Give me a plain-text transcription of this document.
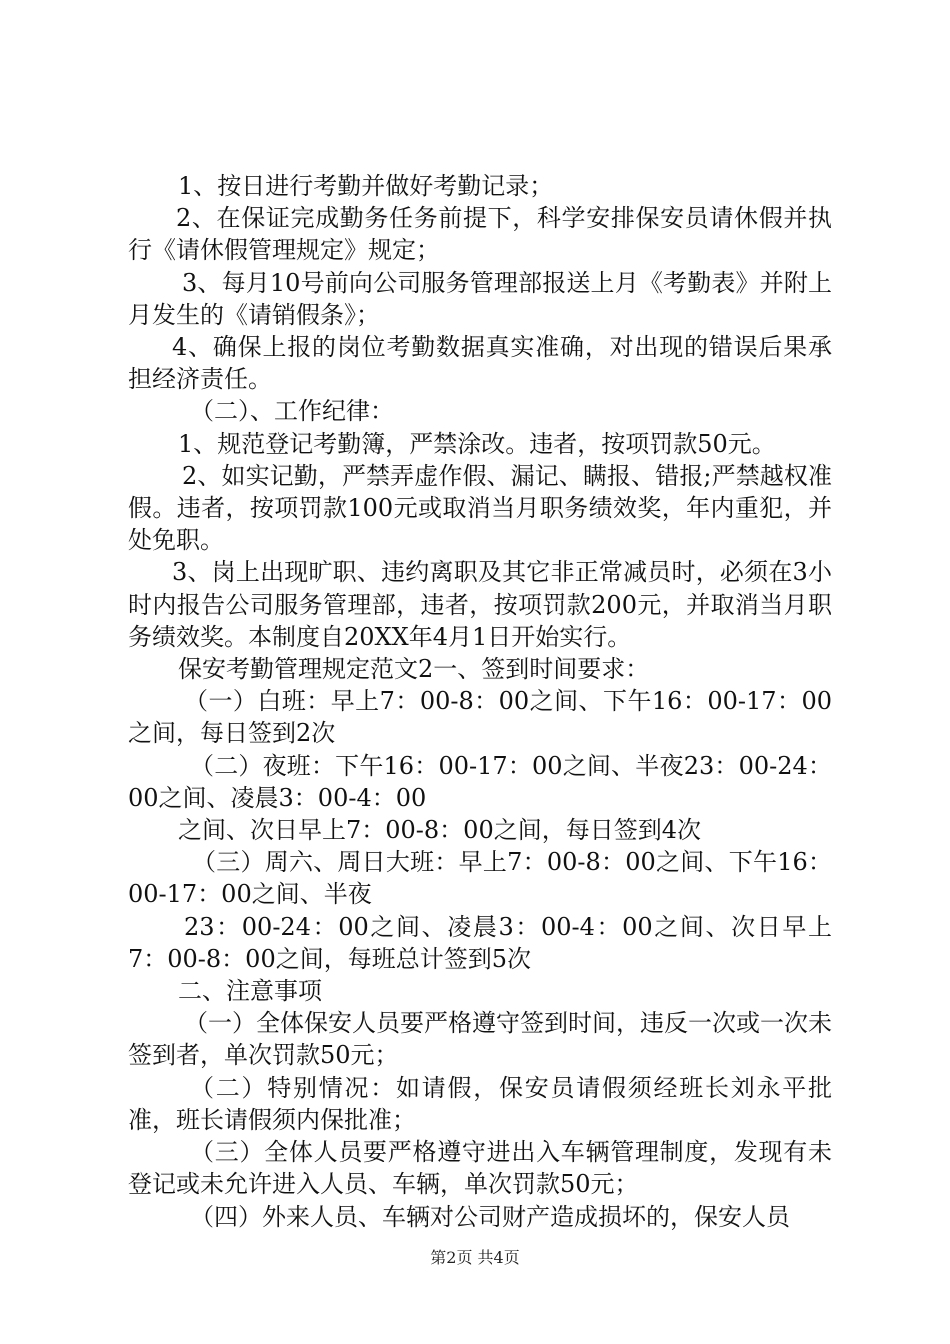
1、按日进行考勤并做好考勤记录；

2、在保证完成勤务任务前提下，科学安排保安员请休假并执行《请休假管理规定》规定；

3、每月10号前向公司服务管理部报送上月《考勤表》并附上月发生的《请销假条》；

4、确保上报的岗位考勤数据真实准确，对出现的错误后果承担经济责任。

（二）、工作纪律：

1、规范登记考勤簿，严禁涂改。违者，按项罚款50元。

2、如实记勤，严禁弄虚作假、漏记、瞒报、错报;严禁越权准假。违者，按项罚款100元或取消当月职务绩效奖，年内重犯，并处免职。

3、岗上出现旷职、违约离职及其它非正常减员时，必须在3小时内报告公司服务管理部，违者，按项罚款200元，并取消当月职务绩效奖。本制度自20XX年4月1日开始实行。

保安考勤管理规定范文2一、签到时间要求：

（一）白班：早上7：00-8：00之间、下午16：00-17：00之间，每日签到2次

（二）夜班：下午16：00-17：00之间、半夜23：00-24：00之间、凌晨3：00-4：00

之间、次日早上7：00-8：00之间，每日签到4次

（三）周六、周日大班：早上7：00-8：00之间、下午16：00-17：00之间、半夜

23：00-24：00之间、凌晨3：00-4：00之间、次日早上7：00-8：00之间，每班总计签到5次

二、注意事项

（一）全体保安人员要严格遵守签到时间，违反一次或一次未签到者，单次罚款50元；

（二）特别情况：如请假，保安员请假须经班长刘永平批准，班长请假须内保批准；

（三）全体人员要严格遵守进出入车辆管理制度，发现有未登记或未允许进入人员、车辆，单次罚款50元；

（四）外来人员、车辆对公司财产造成损坏的，保安人员

第2页 共4页
